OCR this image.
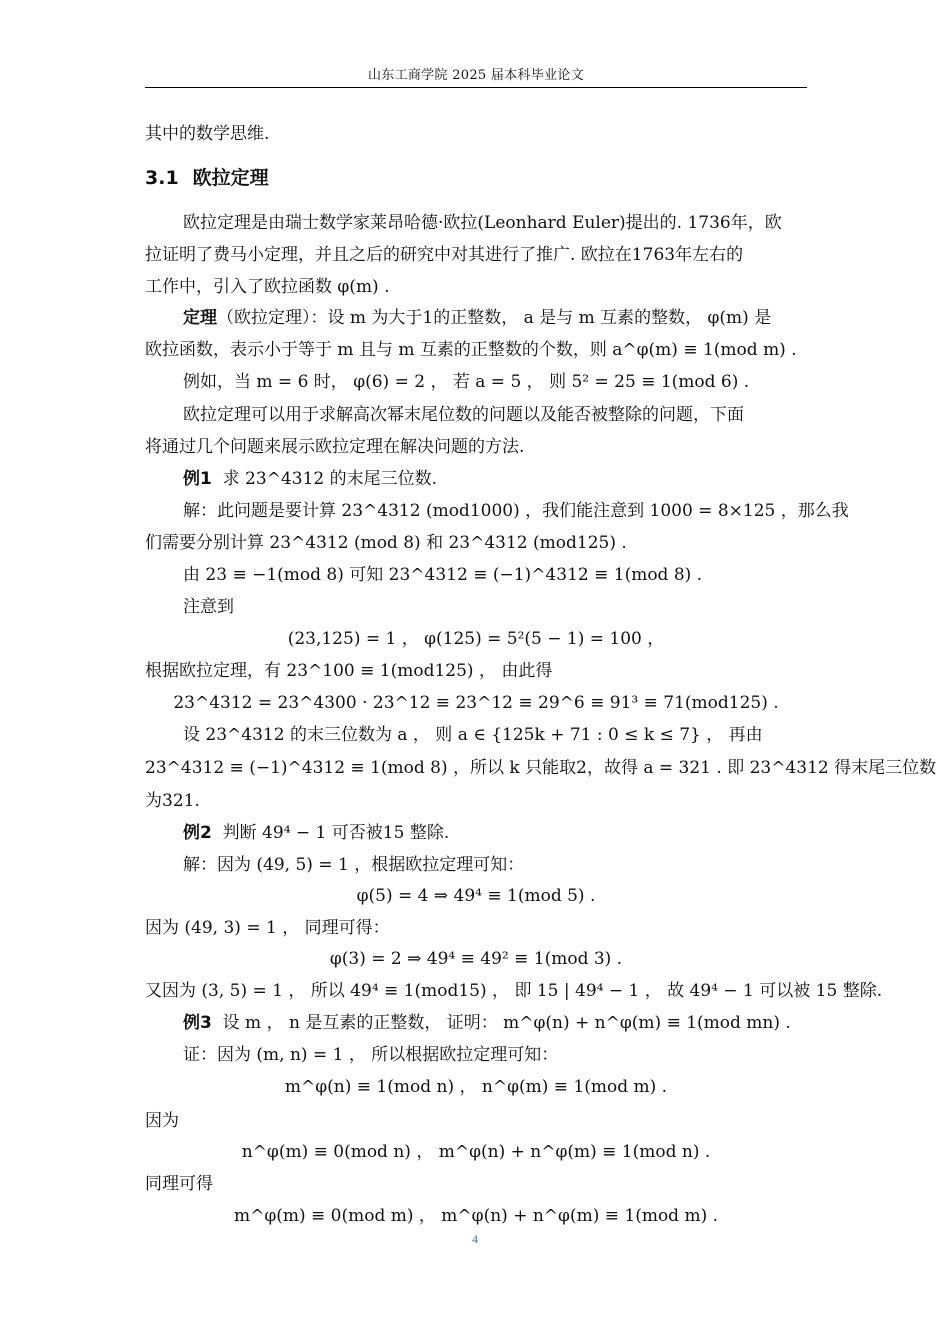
山东工商学院 2025 届本科毕业论文
其中的数学思维.
3.1 欧拉定理
欧拉定理是由瑞士数学家莱昂哈德·欧拉(Leonhard Euler)提出的. 1736年，欧
拉证明了费马小定理，并且之后的研究中对其进行了推广. 欧拉在1763年左右的
工作中，引入了欧拉函数 φ(m) .
定理（欧拉定理）：设 m 为大于1的正整数， a 是与 m 互素的整数， φ(m) 是
欧拉函数，表示小于等于 m 且与 m 互素的正整数的个数，则 a^φ(m) ≡ 1(mod m) .
例如，当 m = 6 时， φ(6) = 2 ， 若 a = 5 ， 则 5² = 25 ≡ 1(mod 6) .
欧拉定理可以用于求解高次幂末尾位数的问题以及能否被整除的问题，下面
将通过几个问题来展示欧拉定理在解决问题的方法.
例1 求 23^4312 的末尾三位数.
解：此问题是要计算 23^4312 (mod1000) ，我们能注意到 1000 = 8×125 ，那么我
们需要分别计算 23^4312 (mod 8) 和 23^4312 (mod125) .
由 23 ≡ −1(mod 8) 可知 23^4312 ≡ (−1)^4312 ≡ 1(mod 8) .
注意到
(23,125) = 1 ， φ(125) = 5²(5 − 1) = 100 ，
根据欧拉定理，有 23^100 ≡ 1(mod125) ， 由此得
23^4312 = 23^4300 · 23^12 ≡ 23^12 ≡ 29^6 ≡ 91³ ≡ 71(mod125) .
设 23^4312 的末三位数为 a ， 则 a ∈ {125k + 71 : 0 ≤ k ≤ 7} ， 再由
23^4312 ≡ (−1)^4312 ≡ 1(mod 8) ，所以 k 只能取2，故得 a = 321 . 即 23^4312 得末尾三位数
为321.
例2 判断 49⁴ − 1 可否被15 整除.
解：因为 (49, 5) = 1 ，根据欧拉定理可知：
φ(5) = 4 ⇒ 49⁴ ≡ 1(mod 5) .
因为 (49, 3) = 1 ， 同理可得：
φ(3) = 2 ⇒ 49⁴ ≡ 49² ≡ 1(mod 3) .
又因为 (3, 5) = 1 ， 所以 49⁴ ≡ 1(mod15) ， 即 15 | 49⁴ − 1 ， 故 49⁴ − 1 可以被 15 整除.
例3 设 m ， n 是互素的正整数， 证明： m^φ(n) + n^φ(m) ≡ 1(mod mn) .
证：因为 (m, n) = 1 ， 所以根据欧拉定理可知：
m^φ(n) ≡ 1(mod n) ， n^φ(m) ≡ 1(mod m) .
因为
n^φ(m) ≡ 0(mod n) ， m^φ(n) + n^φ(m) ≡ 1(mod n) .
同理可得
m^φ(m) ≡ 0(mod m) ， m^φ(n) + n^φ(m) ≡ 1(mod m) .
4
